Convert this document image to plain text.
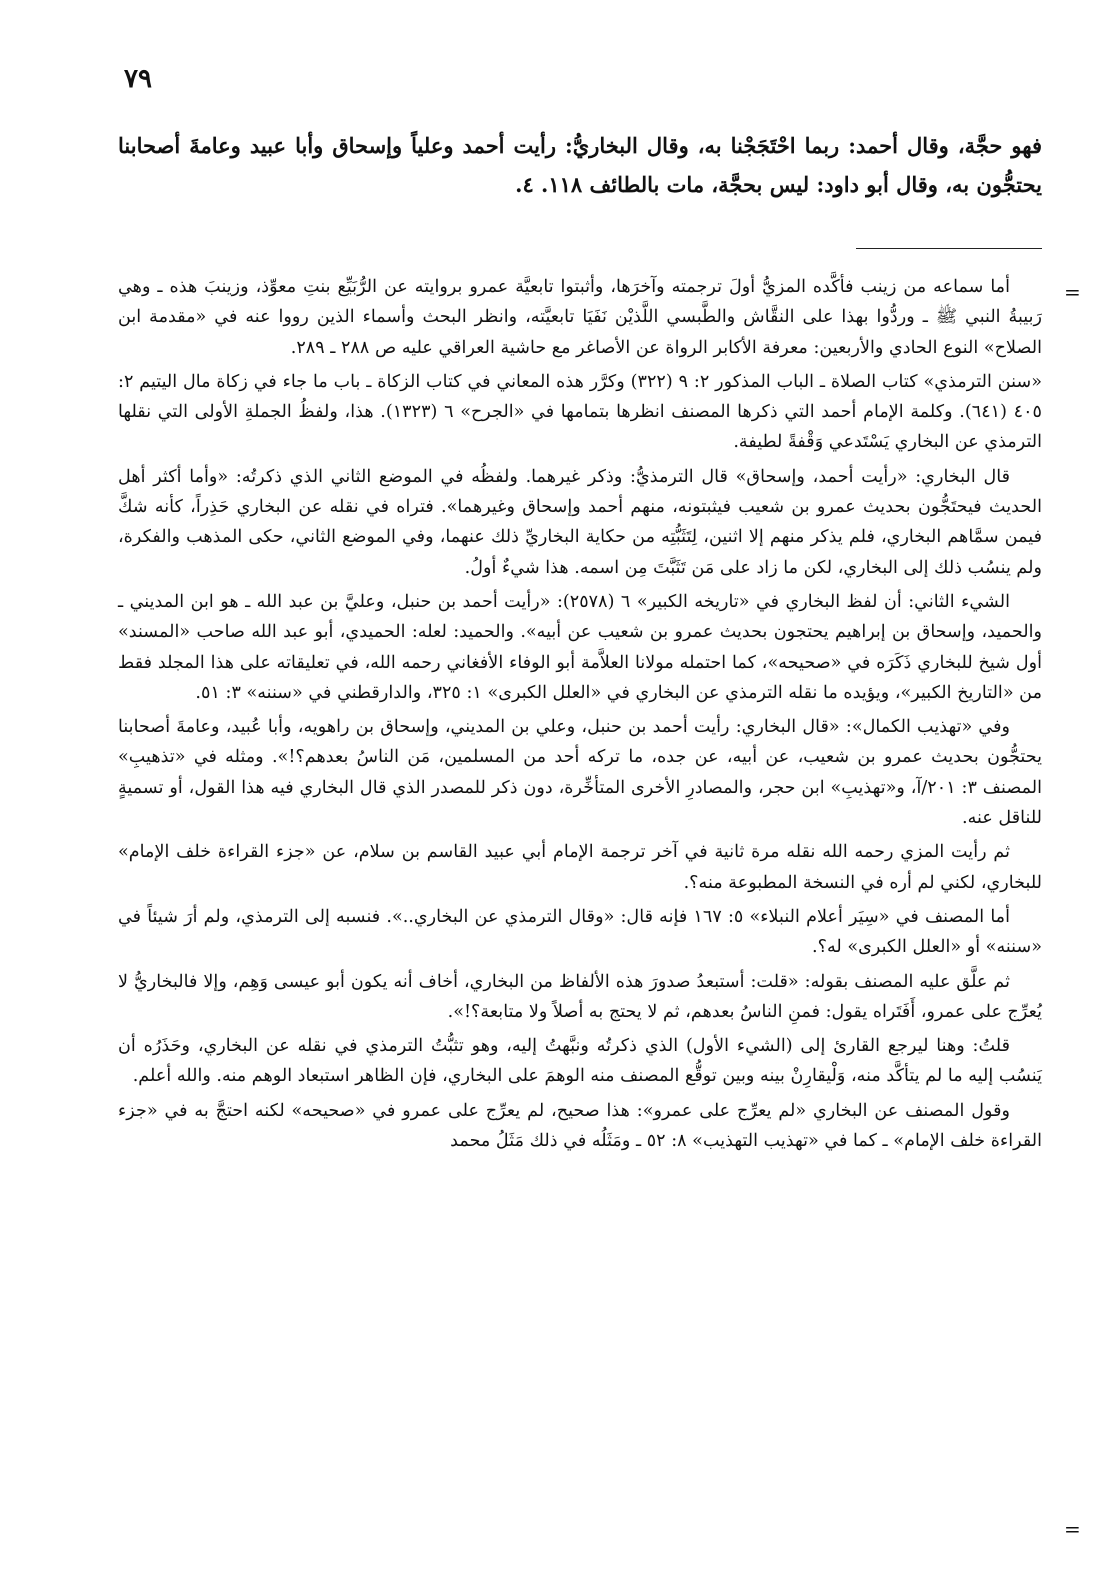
٧٩

فهو حجَّة، وقال أحمد: ربما احْتَجَجْنا به، وقال البخاريُّ: رأيت أحمد وعلياً وإسحاق وأبا عبيد وعامةَ أصحابنا يحتجُّون به، وقال أبو داود: ليس بحجَّة، مات بالطائف ١١٨. ٤.

=

أما سماعه من زينب فأكَّده المزيُّ أولَ ترجمته وآخرَها، وأثبتوا تابعيَّة عمرو بروايته عن الرُّبَيِّع بنتِ معوِّذ، وزينبَ هذه ـ وهي رَبيبةُ النبي ﷺ ـ وردُّوا بهذا على النقَّاش والطَّبسي اللَّذيْن نَفَيَا تابعيَّته، وانظر البحث وأسماء الذين رووا عنه في «مقدمة ابن الصلاح» النوع الحادي والأربعين: معرفة الأكابر الرواة عن الأصاغر مع حاشية العراقي عليه ص ٢٨٨ ـ ٢٨٩.

«سنن الترمذي» كتاب الصلاة ـ الباب المذكور ٢: ٩ (٣٢٢) وكرَّر هذه المعاني في كتاب الزكاة ـ باب ما جاء في زكاة مال اليتيم ٢: ٤٠٥ (٦٤١). وكلمة الإمام أحمد التي ذكرها المصنف انظرها بتمامها في «الجرح» ٦ (١٣٢٣). هذا، ولفظُ الجملةِ الأولى التي نقلها الترمذي عن البخاري يَسْتَدعي وَقْفةً لطيفة.

قال البخاري: «رأيت أحمد، وإسحاق» قال الترمذيُّ: وذكر غيرهما. ولفظُه في الموضع الثاني الذي ذكرتُه: «وأما أكثر أهل الحديث فيحتَجُّون بحديث عمرو بن شعيب فيثبتونه، منهم أحمد وإسحاق وغيرهما». فتراه في نقله عن البخاري حَذِراً، كأنه شكَّ فيمن سمَّاهم البخاري، فلم يذكر منهم إلا اثنين، لِتَثَبُّتِه من حكاية البخاريِّ ذلك عنهما، وفي الموضع الثاني، حكى المذهب والفكرة، ولم ينسُب ذلك إلى البخاري، لكن ما زاد على مَن تَثَبَّتَ مِن اسمه. هذا شيءٌ أولُ.

الشيء الثاني: أن لفظ البخاري في «تاريخه الكبير» ٦ (٢٥٧٨): «رأيت أحمد بن حنبل، وعليَّ بن عبد الله ـ هو ابن المديني ـ والحميد، وإسحاق بن إبراهيم يحتجون بحديث عمرو بن شعيب عن أبيه». والحميد: لعله: الحميدي، أبو عبد الله صاحب «المسند» أول شيخ للبخاري ذَكَرَه في «صحيحه»، كما احتمله مولانا العلاَّمة أبو الوفاء الأفغاني رحمه الله، في تعليقاته على هذا المجلد فقط من «التاريخ الكبير»، ويؤيده ما نقله الترمذي عن البخاري في «العلل الكبرى» ١: ٣٢٥، والدارقطني في «سننه» ٣: ٥١.

وفي «تهذيب الكمال»: «قال البخاري: رأيت أحمد بن حنبل، وعلي بن المديني، وإسحاق بن راهويه، وأبا عُبيد، وعامةَ أصحابنا يحتجُّون بحديث عمرو بن شعيب، عن أبيه، عن جده، ما تركه أحد من المسلمين، مَن الناسُ بعدهم؟!». ومثله في «تذهيبِ» المصنف ٣: ٢٠١/آ، و«تهذيبِ» ابن حجر، والمصادرِ الأخرى المتأخِّرة، دون ذكر للمصدر الذي قال البخاري فيه هذا القول، أو تسميةٍ للناقل عنه.

ثم رأيت المزي رحمه الله نقله مرة ثانية في آخر ترجمة الإمام أبي عبيد القاسم بن سلام، عن «جزء القراءة خلف الإمام» للبخاري، لكني لم أره في النسخة المطبوعة منه؟.

أما المصنف في «سِيَر أعلام النبلاء» ٥: ١٦٧ فإنه قال: «وقال الترمذي عن البخاري..». فنسبه إلى الترمذي، ولم أرَ شيئاً في «سننه» أو «العلل الكبرى» له؟.

ثم علَّق عليه المصنف بقوله: «قلت: أستبعدُ صدورَ هذه الألفاظ من البخاري، أخاف أنه يكون أبو عيسى وَهِم، وإلا فالبخاريُّ لا يُعرِّج على عمرو، أَفَتَراه يقول: فمنِ الناسُ بعدهم، ثم لا يحتج به أصلاً ولا متابعة؟!».

قلتُ: وهنا ليرجع القارئ إلى (الشيء الأول) الذي ذكرتُه ونبَّهتُ إليه، وهو تثبُّتُ الترمذي في نقله عن البخاري، وحَذَرُه أن يَنسُب إليه ما لم يتأكَّد منه، وَلْيقارِنْ بينه وبين توقُّع المصنف منه الوهمَ على البخاري، فإن الظاهر استبعاد الوهم منه. والله أعلم.

وقول المصنف عن البخاري «لم يعرِّج على عمرو»: هذا صحيح، لم يعرِّج على عمرو في «صحيحه» لكنه احتجَّ به في «جزء القراءة خلف الإمام» ـ كما في «تهذيب التهذيب» ٨: ٥٢ ـ ومَثَلُه في ذلك مَثَلُ محمد

=
